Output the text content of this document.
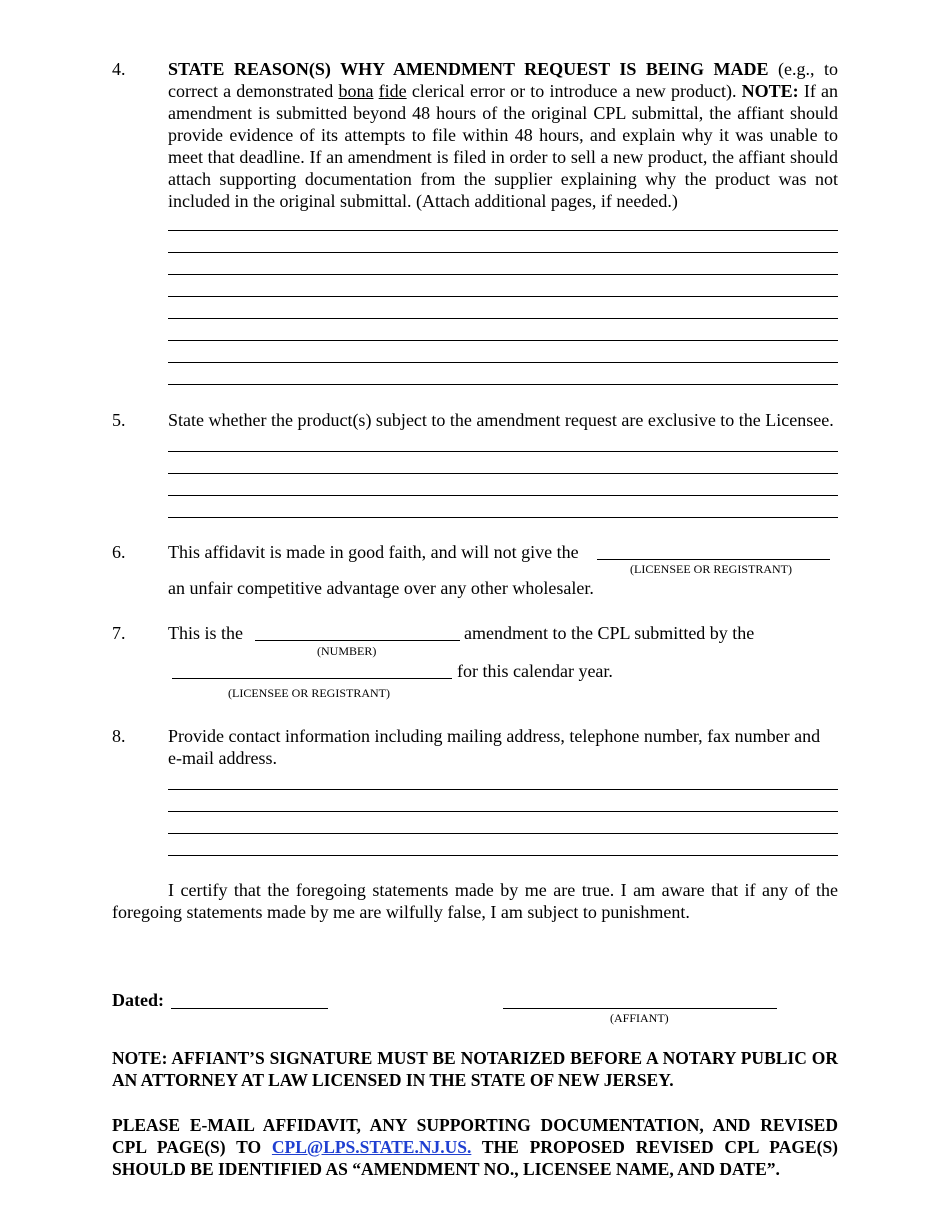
4. STATE REASON(S) WHY AMENDMENT REQUEST IS BEING MADE (e.g., to correct a demonstrated bona fide clerical error or to introduce a new product). NOTE: If an amendment is submitted beyond 48 hours of the original CPL submittal, the affiant should provide evidence of its attempts to file within 48 hours, and explain why it was unable to meet that deadline. If an amendment is filed in order to sell a new product, the affiant should attach supporting documentation from the supplier explaining why the product was not included in the original submittal. (Attach additional pages, if needed.)
5. State whether the product(s) subject to the amendment request are exclusive to the Licensee.
6. This affidavit is made in good faith, and will not give the
(LICENSEE OR REGISTRANT)
an unfair competitive advantage over any other wholesaler.
7. This is the	amendment to the CPL submitted by the
(NUMBER)
for this calendar year.
(LICENSEE OR REGISTRANT)
8. Provide contact information including mailing address, telephone number, fax number and e-mail address.
I certify that the foregoing statements made by me are true. I am aware that if any of the foregoing statements made by me are wilfully false, I am subject to punishment.
Dated:
(AFFIANT)
NOTE: AFFIANT’S SIGNATURE MUST BE NOTARIZED BEFORE A NOTARY PUBLIC OR AN ATTORNEY AT LAW LICENSED IN THE STATE OF NEW JERSEY.
PLEASE E-MAIL AFFIDAVIT, ANY SUPPORTING DOCUMENTATION, AND REVISED CPL PAGE(S) TO CPL@LPS.STATE.NJ.US. THE PROPOSED REVISED CPL PAGE(S) SHOULD BE IDENTIFIED AS “AMENDMENT NO., LICENSEE NAME, AND DATE”.
